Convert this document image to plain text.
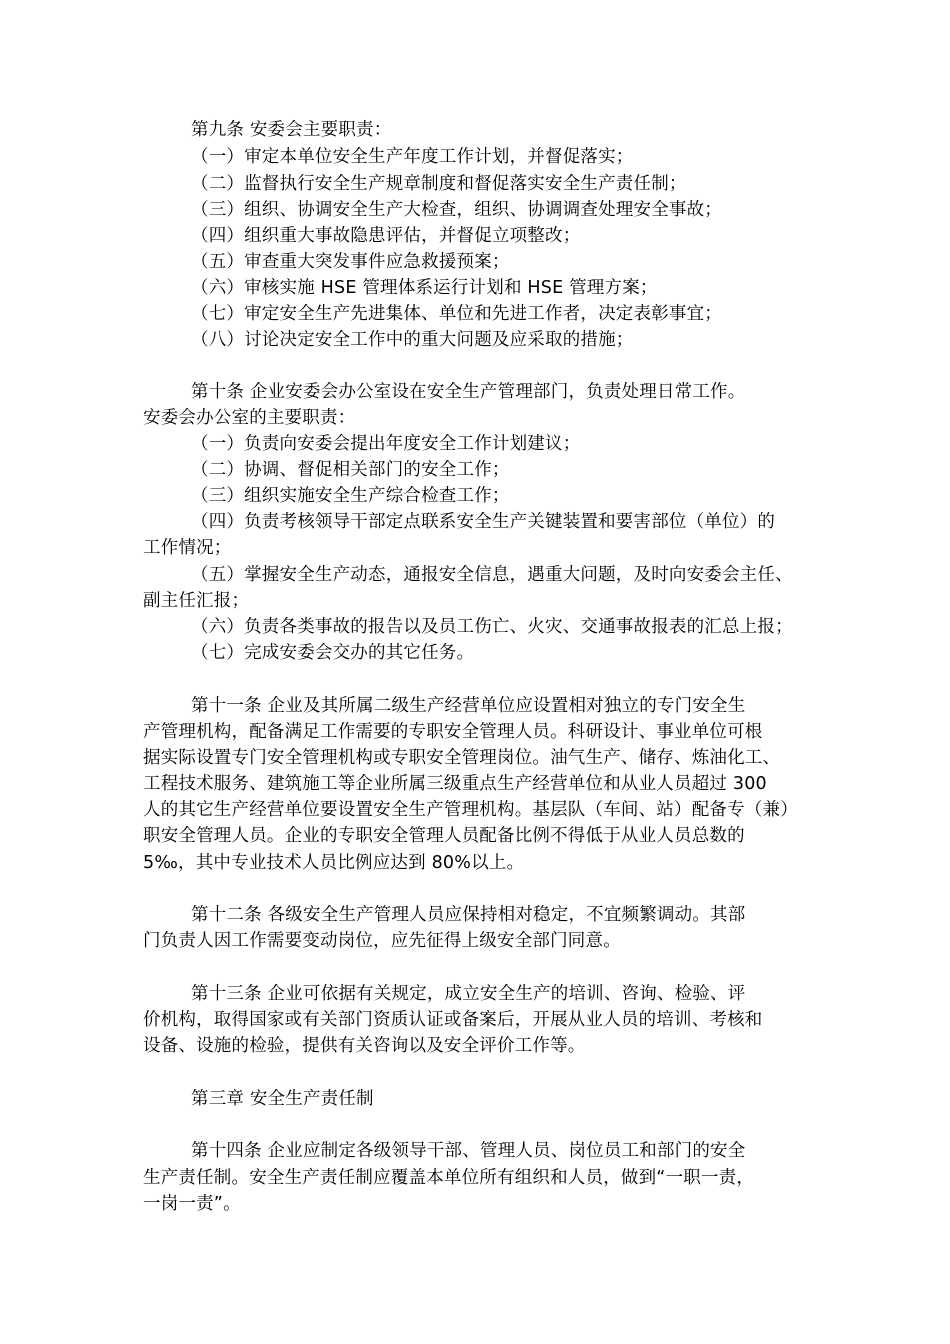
第九条 安委会主要职责：
（一）审定本单位安全生产年度工作计划，并督促落实；
（二）监督执行安全生产规章制度和督促落实安全生产责任制；
（三）组织、协调安全生产大检查，组织、协调调查处理安全事故；
（四）组织重大事故隐患评估，并督促立项整改；
（五）审查重大突发事件应急救援预案；
（六）审核实施 HSE 管理体系运行计划和 HSE 管理方案；
（七）审定安全生产先进集体、单位和先进工作者，决定表彰事宜；
（八）讨论决定安全工作中的重大问题及应采取的措施；
第十条 企业安委会办公室设在安全生产管理部门，负责处理日常工作。
安委会办公室的主要职责：
（一）负责向安委会提出年度安全工作计划建议；
（二）协调、督促相关部门的安全工作；
（三）组织实施安全生产综合检查工作；
（四）负责考核领导干部定点联系安全生产关键装置和要害部位（单位）的
工作情况；
（五）掌握安全生产动态，通报安全信息，遇重大问题，及时向安委会主任、
副主任汇报；
（六）负责各类事故的报告以及员工伤亡、火灾、交通事故报表的汇总上报；
（七）完成安委会交办的其它任务。
第十一条 企业及其所属二级生产经营单位应设置相对独立的专门安全生
产管理机构，配备满足工作需要的专职安全管理人员。科研设计、事业单位可根
据实际设置专门安全管理机构或专职安全管理岗位。油气生产、储存、炼油化工、
工程技术服务、建筑施工等企业所属三级重点生产经营单位和从业人员超过 300
人的其它生产经营单位要设置安全生产管理机构。基层队（车间、站）配备专（兼）
职安全管理人员。企业的专职安全管理人员配备比例不得低于从业人员总数的
5‰，其中专业技术人员比例应达到 80%以上。
第十二条 各级安全生产管理人员应保持相对稳定，不宜频繁调动。其部
门负责人因工作需要变动岗位，应先征得上级安全部门同意。
第十三条 企业可依据有关规定，成立安全生产的培训、咨询、检验、评
价机构，取得国家或有关部门资质认证或备案后，开展从业人员的培训、考核和
设备、设施的检验，提供有关咨询以及安全评价工作等。
第三章 安全生产责任制
第十四条 企业应制定各级领导干部、管理人员、岗位员工和部门的安全
生产责任制。安全生产责任制应覆盖本单位所有组织和人员，做到“一职一责，
一岗一责”。
